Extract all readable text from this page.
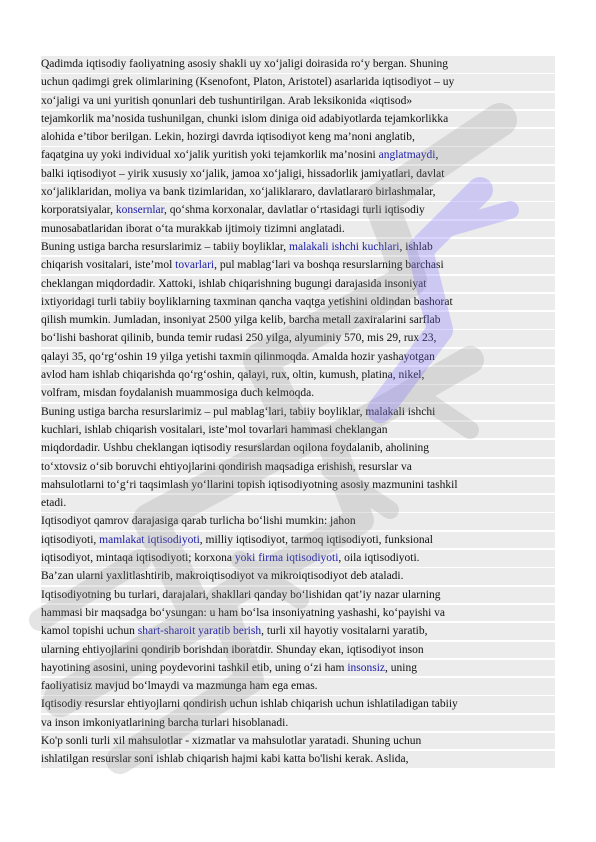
Qadimda iqtisodiy faoliyatning asosiy shakli uy xo‘jaligi doirasida ro‘y bergan. Shuning
uchun qadimgi grek olimlarining (Ksenofont, Platon, Aristotel) asarlarida iqtisodiyot – uy
xo‘jaligi va uni yuritish qonunlari deb tushuntirilgan. Arab leksikonida «iqtisod»
tejamkorlik ma’nosida tushunilgan, chunki islom diniga oid adabiyotlarda tejamkorlikka
alohida e’tibor berilgan. Lekin, hozirgi davrda iqtisodiyot keng ma’noni anglatib,
faqatgina uy yoki individual xo‘jalik yuritish yoki tejamkorlik ma’nosini anglatmaydi,
balki iqtisodiyot – yirik xususiy xo‘jalik, jamoa xo‘jaligi, hissadorlik jamiyatlari, davlat
xo‘jaliklaridan, moliya va bank tizimlaridan, xo‘jaliklararo, davlatlararo birlashmalar,
korporatsiyalar, konsernlar, qo‘shma korxonalar, davlatlar o‘rtasidagi turli iqtisodiy
munosabatlaridan iborat o‘ta murakkab ijtimoiy tizimni anglatadi.
Buning ustiga barcha resurslarimiz – tabiiy boyliklar, malakali ishchi kuchlari, ishlab
chiqarish vositalari, iste’mol tovarlari, pul mablag‘lari va boshqa resurslarning barchasi
cheklangan miqdordadir. Xattoki, ishlab chiqarishning bugungi darajasida insoniyat
ixtiyoridagi turli tabiiy boyliklarning taxminan qancha vaqtga yetishini oldindan bashorat
qilish mumkin. Jumladan, insoniyat 2500 yilga kelib, barcha metall zaxiralarini sarflab
bo‘lishi bashorat qilinib, bunda temir rudasi 250 yilga, alyuminiy 570, mis 29, rux 23,
qalayi 35, qo‘rg‘oshin 19 yilga yetishi taxmin qilinmoqda. Amalda hozir yashayotgan
avlod ham ishlab chiqarishda qo‘rg‘oshin, qalayi, rux, oltin, kumush, platina, nikel,
volfram, misdan foydalanish muammosiga duch kelmoqda.
Buning ustiga barcha resurslarimiz – pul mablag‘lari, tabiiy boyliklar, malakali ishchi
kuchlari, ishlab chiqarish vositalari, iste’mol tovarlari hammasi cheklangan
miqdordadir. Ushbu cheklangan iqtisodiy resurslardan oqilona foydalanib, aholining
to‘xtovsiz o‘sib boruvchi ehtiyojlarini qondirish maqsadiga erishish, resurslar va
mahsulotlarni to‘g‘ri taqsimlash yo‘llarini topish iqtisodiyotning asosiy mazmunini tashkil
etadi.
Iqtisodiyot qamrov darajasiga qarab turlicha bo‘lishi mumkin: jahon
iqtisodiyoti, mamlakat iqtisodiyoti, milliy iqtisodiyot, tarmoq iqtisodiyoti, funksional
iqtisodiyot, mintaqa iqtisodiyoti; korxona yoki firma iqtisodiyoti, oila iqtisodiyoti.
Ba’zan ularni yaxlitlashtirib, makroiqtisodiyot va mikroiqtisodiyot deb ataladi.
Iqtisodiyotning bu turlari, darajalari, shakllari qanday bo‘lishidan qat’iy nazar ularning
hammasi bir maqsadga bo‘ysungan: u ham bo‘lsa insoniyatning yashashi, ko‘payishi va
kamol topishi uchun shart-sharoit yaratib berish, turli xil hayotiy vositalarni yaratib,
ularning ehtiyojlarini qondirib borishdan iboratdir. Shunday ekan, iqtisodiyot inson
hayotining asosini, uning poydevorini tashkil etib, uning o‘zi ham insonsiz, uning
faoliyatisiz mavjud bo‘lmaydi va mazmunga ham ega emas.
Iqtisodiy resurslar ehtiyojlarni qondirish uchun ishlab chiqarish uchun ishlatiladigan tabiiy
va inson imkoniyatlarining barcha turlari hisoblanadi.
Ko'p sonli turli xil mahsulotlar - xizmatlar va mahsulotlar yaratadi. Shuning uchun
ishlatilgan resurslar soni ishlab chiqarish hajmi kabi katta bo'lishi kerak. Aslida,
